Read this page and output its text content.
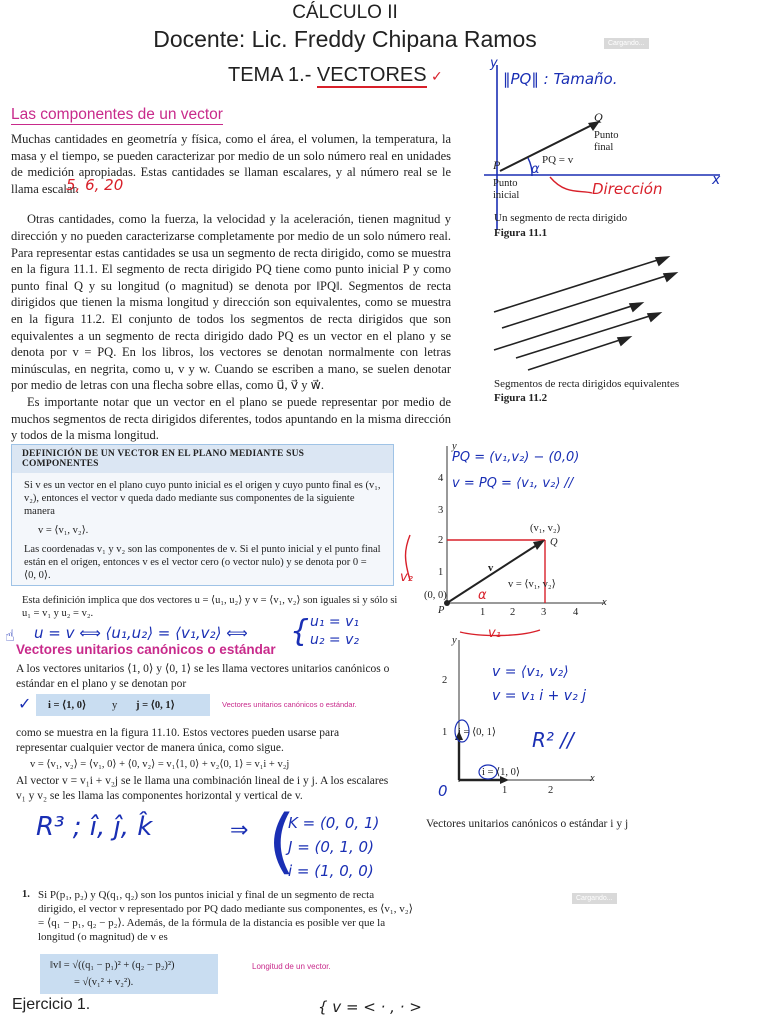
CÁLCULO II
Docente: Lic. Freddy Chipana Ramos	Cargando...
TEMA 1.- VECTORES ✓
Las componentes de un vector

Muchas cantidades en geometría y física, como el área, el volumen, la temperatura, la masa y el tiempo, se pueden caracterizar por medio de un solo número real en unidades de medición apropiadas. Estas cantidades se llaman escalares, y al número real se le llama escalar.

Otras cantidades, como la fuerza, la velocidad y la aceleración, tienen magnitud y dirección y no pueden caracterizarse completamente por medio de un solo número real. Para representar estas cantidades se usa un segmento de recta dirigido, como se muestra en la figura 11.1. El segmento de recta dirigido PQ tiene como punto inicial P y como punto final Q y su longitud (o magnitud) se denota por ‖PQ‖. Segmentos de recta dirigidos que tienen la misma longitud y dirección son equivalentes, como se muestra en la figura 11.2. El conjunto de todos los segmentos de recta dirigidos que son equivalentes a un segmento de recta dirigido dado PQ es un vector en el plano y se denota por v = PQ. En los libros, los vectores se denotan normalmente con letras minúsculas, en negrita, como u, v y w. Cuando se escriben a mano, se suelen denotar por medio de letras con una flecha sobre ellas, como u⃗, v⃗ y w⃗.

Es importante notar que un vector en el plano se puede representar por medio de muchos segmentos de recta dirigidos diferentes, todos apuntando en la misma dirección y todos de la misma longitud.

5, 6, 20
‖PQ‖ : Tamaño.
y
x
Q
Punto final
PQ = v
P α
Punto inicial	Dirección
Un segmento de recta dirigido
Figura 11.1
Segmentos de recta dirigidos equivalentes
Figura 11.2
DEFINICIÓN DE UN VECTOR EN EL PLANO MEDIANTE SUS COMPONENTES

Si v es un vector en el plano cuyo punto inicial es el origen y cuyo punto final es (v₁, v₂), entonces el vector v queda dado mediante sus componentes de la siguiente manera

v = ⟨v₁, v₂⟩.

Las coordenadas v₁ y v₂ son las componentes de v. Si el punto inicial y el punto final están en el origen, entonces v es el vector cero (o vector nulo) y se denota por 0 = ⟨0, 0⟩.

Esta definición implica que dos vectores u = ⟨u₁, u₂⟩ y v = ⟨v₁, v₂⟩ son iguales si y sólo si u₁ = v₁ y u₂ = v₂.
☝ u = v ⟺ ⟨u₁,u₂⟩ = ⟨v₁,v₂⟩ ⟺ { u₁ = v₁
u₂ = v₂
PQ = (v₁,v₂) − (0,0)
v = PQ = ⟨v₁, v₂⟩ //
y
4
3
2
1
(v₁, v₂)
Q
v
v = ⟨v₁, v₂⟩
v₂
(0, 0) α
P	1 2 3	4
x
v₁
Vectores unitarios canónicos o estándar
A los vectores unitarios ⟨1, 0⟩ y ⟨0, 1⟩ se les llama vectores unitarios canónicos o estándar en el plano y se denotan por
✓ i = ⟨1, 0⟩ y j = ⟨0, 1⟩	Vectores unitarios canónicos o estándar.
como se muestra en la figura 11.10. Estos vectores pueden usarse para representar cualquier vector de manera única, como sigue.
v = ⟨v₁, v₂⟩ = ⟨v₁, 0⟩ + ⟨0, v₂⟩ = v₁⟨1, 0⟩ + v₂⟨0, 1⟩ = v₁i + v₂j
Al vector v = v₁i + v₂j se le llama una combinación lineal de i y j. A los escalares v₁ y v₂ se les llama las componentes horizontal y vertical de v.
R³ ; î, ĵ, k̂	⇒ (
K = (0, 0, 1)
J = (0, 1, 0)
i = (1, 0, 0)
y
v = ⟨v₁, v₂⟩
2
v = v₁ i + v₂ j
1 j = ⟨0, 1⟩ R² //
i = ⟨1, 0⟩
x
0	1	2
Vectores unitarios canónicos o estándar i y j
1. Si P(p₁, p₂) y Q(q₁, q₂) son los puntos inicial y final de un segmento de recta dirigido, el vector v representado por PQ dado mediante sus componentes, es ⟨v₁, v₂⟩ = ⟨q₁ − p₁, q₂ − p₂⟩. Además, de la fórmula de la distancia es posible ver que la longitud (o magnitud) de v es
Cargando...
‖v‖ = √((q₁ − p₁)² + (q₂ − p₂)²)
= √(v₁² + v₂²).
Longitud de un vector.
Ejercicio 1.	{ v = < · , · >
